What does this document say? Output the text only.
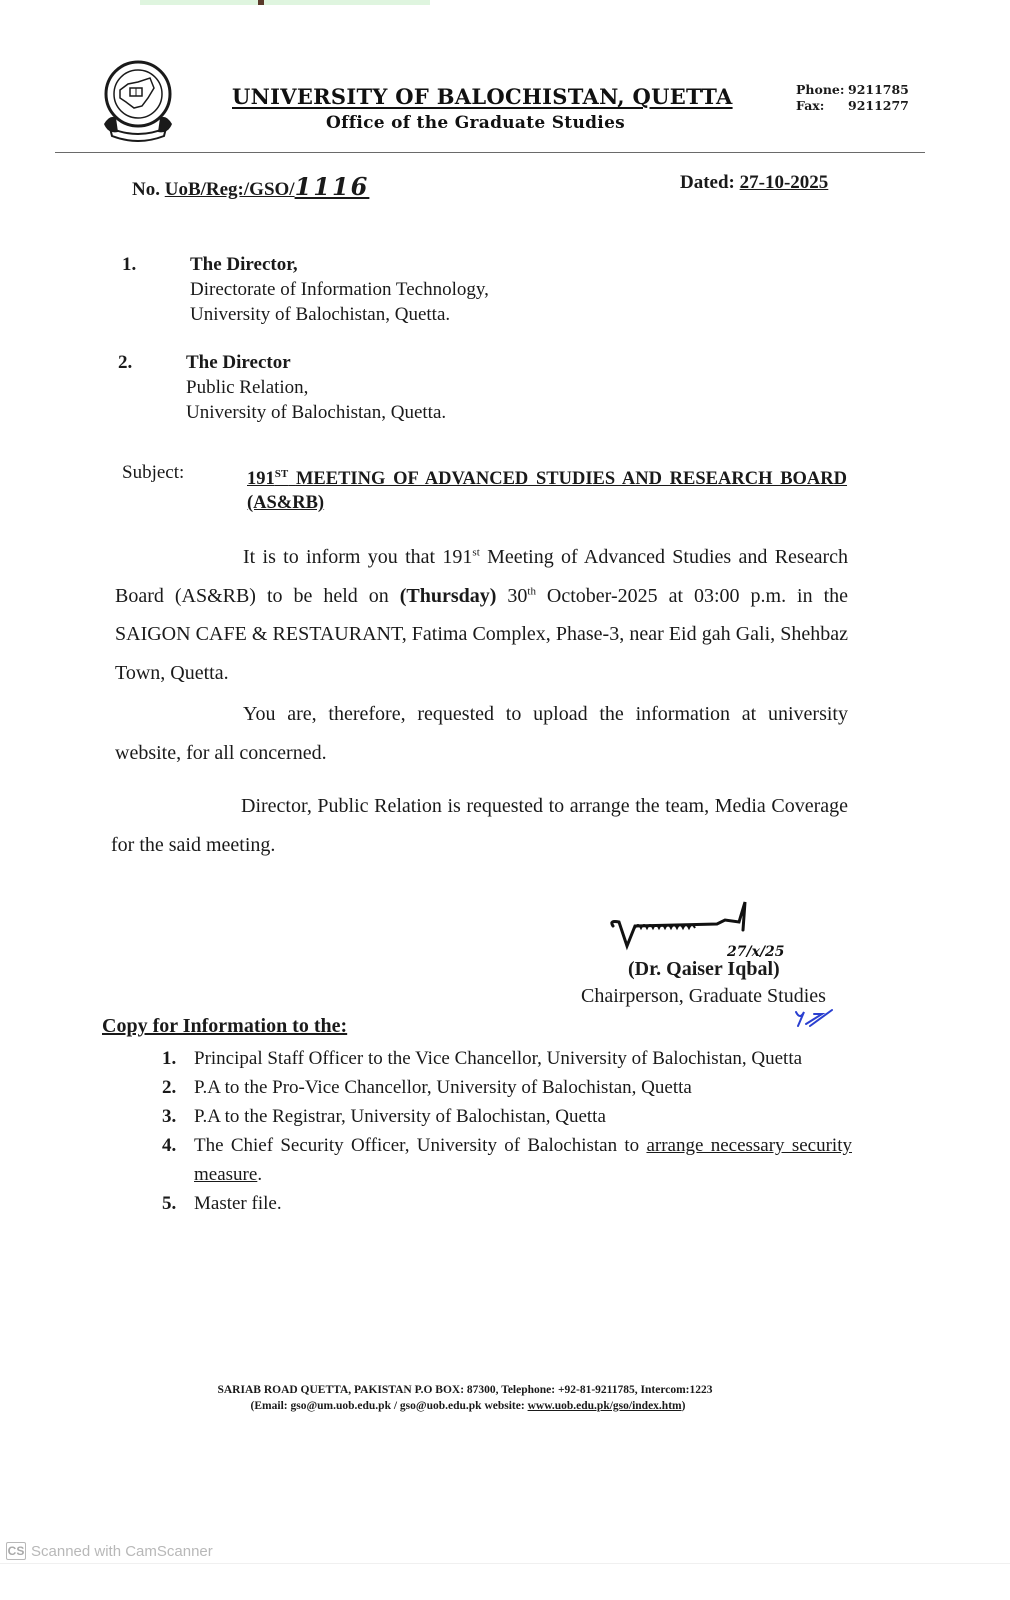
UNIVERSITY OF BALOCHISTAN, QUETTA
Office of the Graduate Studies
Phone: 9211785
Fax: 9211277
No. UoB/Reg:/GSO/1116	Dated: 27-10-2025
1.	The Director,
Directorate of Information Technology,
University of Balochistan, Quetta.
2.	The Director
Public Relation,
University of Balochistan, Quetta.
Subject:	191ST MEETING OF ADVANCED STUDIES AND RESEARCH BOARD (AS&RB)
It is to inform you that 191st Meeting of Advanced Studies and Research Board (AS&RB) to be held on (Thursday) 30th October-2025 at 03:00 p.m. in the SAIGON CAFE & RESTAURANT, Fatima Complex, Phase-3, near Eid gah Gali, Shehbaz Town, Quetta.
You are, therefore, requested to upload the information at university website, for all concerned.
Director, Public Relation is requested to arrange the team, Media Coverage for the said meeting.
27/x/25
(Dr. Qaiser Iqbal)
Chairperson, Graduate Studies
Copy for Information to the:
1. Principal Staff Officer to the Vice Chancellor, University of Balochistan, Quetta
2. P.A to the Pro-Vice Chancellor, University of Balochistan, Quetta
3. P.A to the Registrar, University of Balochistan, Quetta
4. The Chief Security Officer, University of Balochistan to arrange necessary security measure.
5. Master file.
SARIAB ROAD QUETTA, PAKISTAN P.O BOX: 87300, Telephone: +92-81-9211785, Intercom:1223
(Email: gso@um.uob.edu.pk / gso@uob.edu.pk website: www.uob.edu.pk/gso/index.htm)
CS Scanned with CamScanner
